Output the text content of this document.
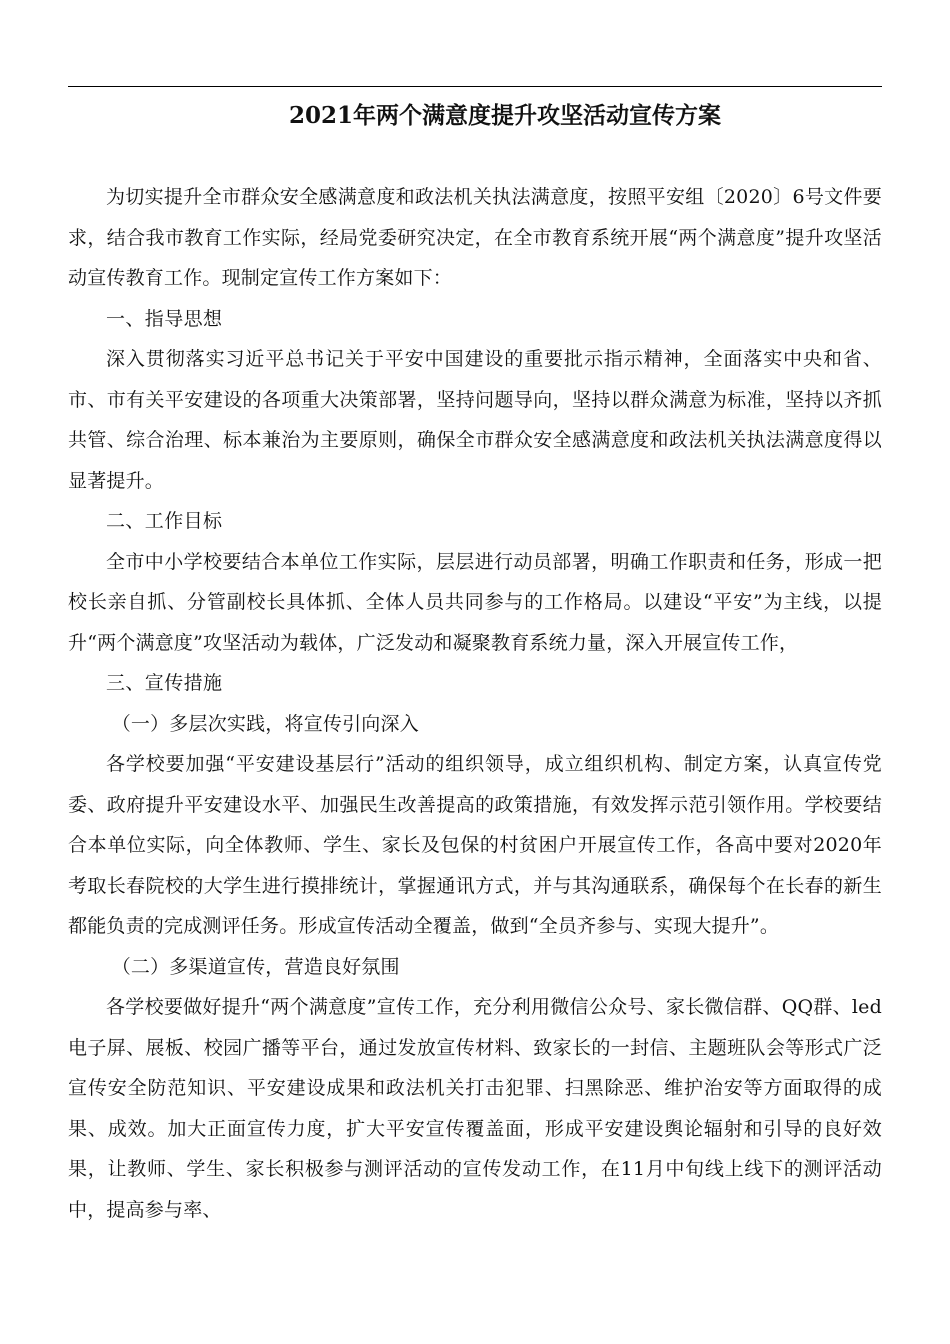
2021年两个满意度提升攻坚活动宣传方案

为切实提升全市群众安全感满意度和政法机关执法满意度，按照平安组〔2020〕6号文件要求，结合我市教育工作实际，经局党委研究决定，在全市教育系统开展“两个满意度”提升攻坚活动宣传教育工作。现制定宣传工作方案如下：

一、指导思想

深入贯彻落实习近平总书记关于平安中国建设的重要批示指示精神，全面落实中央和省、市、市有关平安建设的各项重大决策部署，坚持问题导向，坚持以群众满意为标准，坚持以齐抓共管、综合治理、标本兼治为主要原则，确保全市群众安全感满意度和政法机关执法满意度得以显著提升。

二、工作目标

全市中小学校要结合本单位工作实际，层层进行动员部署，明确工作职责和任务，形成一把校长亲自抓、分管副校长具体抓、全体人员共同参与的工作格局。以建设“平安”为主线，以提升“两个满意度”攻坚活动为载体，广泛发动和凝聚教育系统力量，深入开展宣传工作，

三、宣传措施

（一）多层次实践，将宣传引向深入

各学校要加强“平安建设基层行”活动的组织领导，成立组织机构、制定方案，认真宣传党委、政府提升平安建设水平、加强民生改善提高的政策措施，有效发挥示范引领作用。学校要结合本单位实际，向全体教师、学生、家长及包保的村贫困户开展宣传工作，各高中要对2020年考取长春院校的大学生进行摸排统计，掌握通讯方式，并与其沟通联系，确保每个在长春的新生都能负责的完成测评任务。形成宣传活动全覆盖，做到“全员齐参与、实现大提升”。

（二）多渠道宣传，营造良好氛围

各学校要做好提升“两个满意度”宣传工作，充分利用微信公众号、家长微信群、QQ群、led电子屏、展板、校园广播等平台，通过发放宣传材料、致家长的一封信、主题班队会等形式广泛宣传安全防范知识、平安建设成果和政法机关打击犯罪、扫黑除恶、维护治安等方面取得的成果、成效。加大正面宣传力度，扩大平安宣传覆盖面，形成平安建设舆论辐射和引导的良好效果，让教师、学生、家长积极参与测评活动的宣传发动工作，在11月中旬线上线下的测评活动中，提高参与率、
